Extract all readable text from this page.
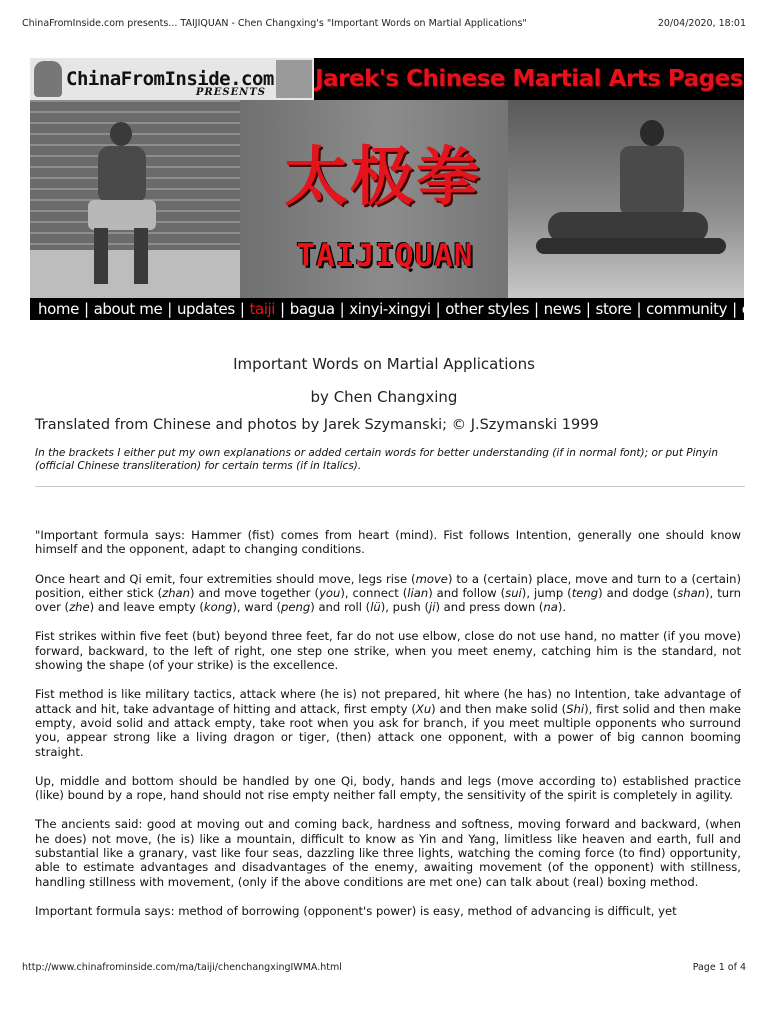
ChinaFromInside.com presents... TAIJIQUAN - Chen Changxing's "Important Words on Martial Applications"	20/04/2020, 18:01
ChinaFromInside.com
PRESENTS
Jarek's Chinese Martial Arts Pages
太极拳
TAIJIQUAN
home | about me | updates | taiji | bagua | xinyi-xingyi | other styles | news | store | community | email
Important Words on Martial Applications
by Chen Changxing
Translated from Chinese and photos by Jarek Szymanski; © J.Szymanski 1999
In the brackets I either put my own explanations or added certain words for better understanding (if in normal font); or put Pinyin (official Chinese transliteration) for certain terms (if in Italics).

"Important formula says: Hammer (fist) comes from heart (mind). Fist follows Intention, generally one should know himself and the opponent, adapt to changing conditions.

Once heart and Qi emit, four extremities should move, legs rise (move) to a (certain) place, move and turn to a (certain) position, either stick (zhan) and move together (you), connect (lian) and follow (sui), jump (teng) and dodge (shan), turn over (zhe) and leave empty (kong), ward (peng) and roll (lü), push (ji) and press down (na).

Fist strikes within five feet (but) beyond three feet, far do not use elbow, close do not use hand, no matter (if you move) forward, backward, to the left of right, one step one strike, when you meet enemy, catching him is the standard, not showing the shape (of your strike) is the excellence.

Fist method is like military tactics, attack where (he is) not prepared, hit where (he has) no Intention, take advantage of attack and hit, take advantage of hitting and attack, first empty (Xu) and then make solid (Shi), first solid and then make empty, avoid solid and attack empty, take root when you ask for branch, if you meet multiple opponents who surround you, appear strong like a living dragon or tiger, (then) attack one opponent, with a power of big cannon booming straight.

Up, middle and bottom should be handled by one Qi, body, hands and legs (move according to) established practice (like) bound by a rope, hand should not rise empty neither fall empty, the sensitivity of the spirit is completely in agility.

The ancients said: good at moving out and coming back, hardness and softness, moving forward and backward, (when he does) not move, (he is) like a mountain, difficult to know as Yin and Yang, limitless like heaven and earth, full and substantial like a granary, vast like four seas, dazzling like three lights, watching the coming force (to find) opportunity, able to estimate advantages and disadvantages of the enemy, awaiting movement (of the opponent) with stillness, handling stillness with movement, (only if the above conditions are met one) can talk about (real) boxing method.

Important formula says: method of borrowing (opponent's power) is easy, method of advancing is difficult, yet

http://www.chinafrominside.com/ma/taiji/chenchangxingIWMA.html	Page 1 of 4
